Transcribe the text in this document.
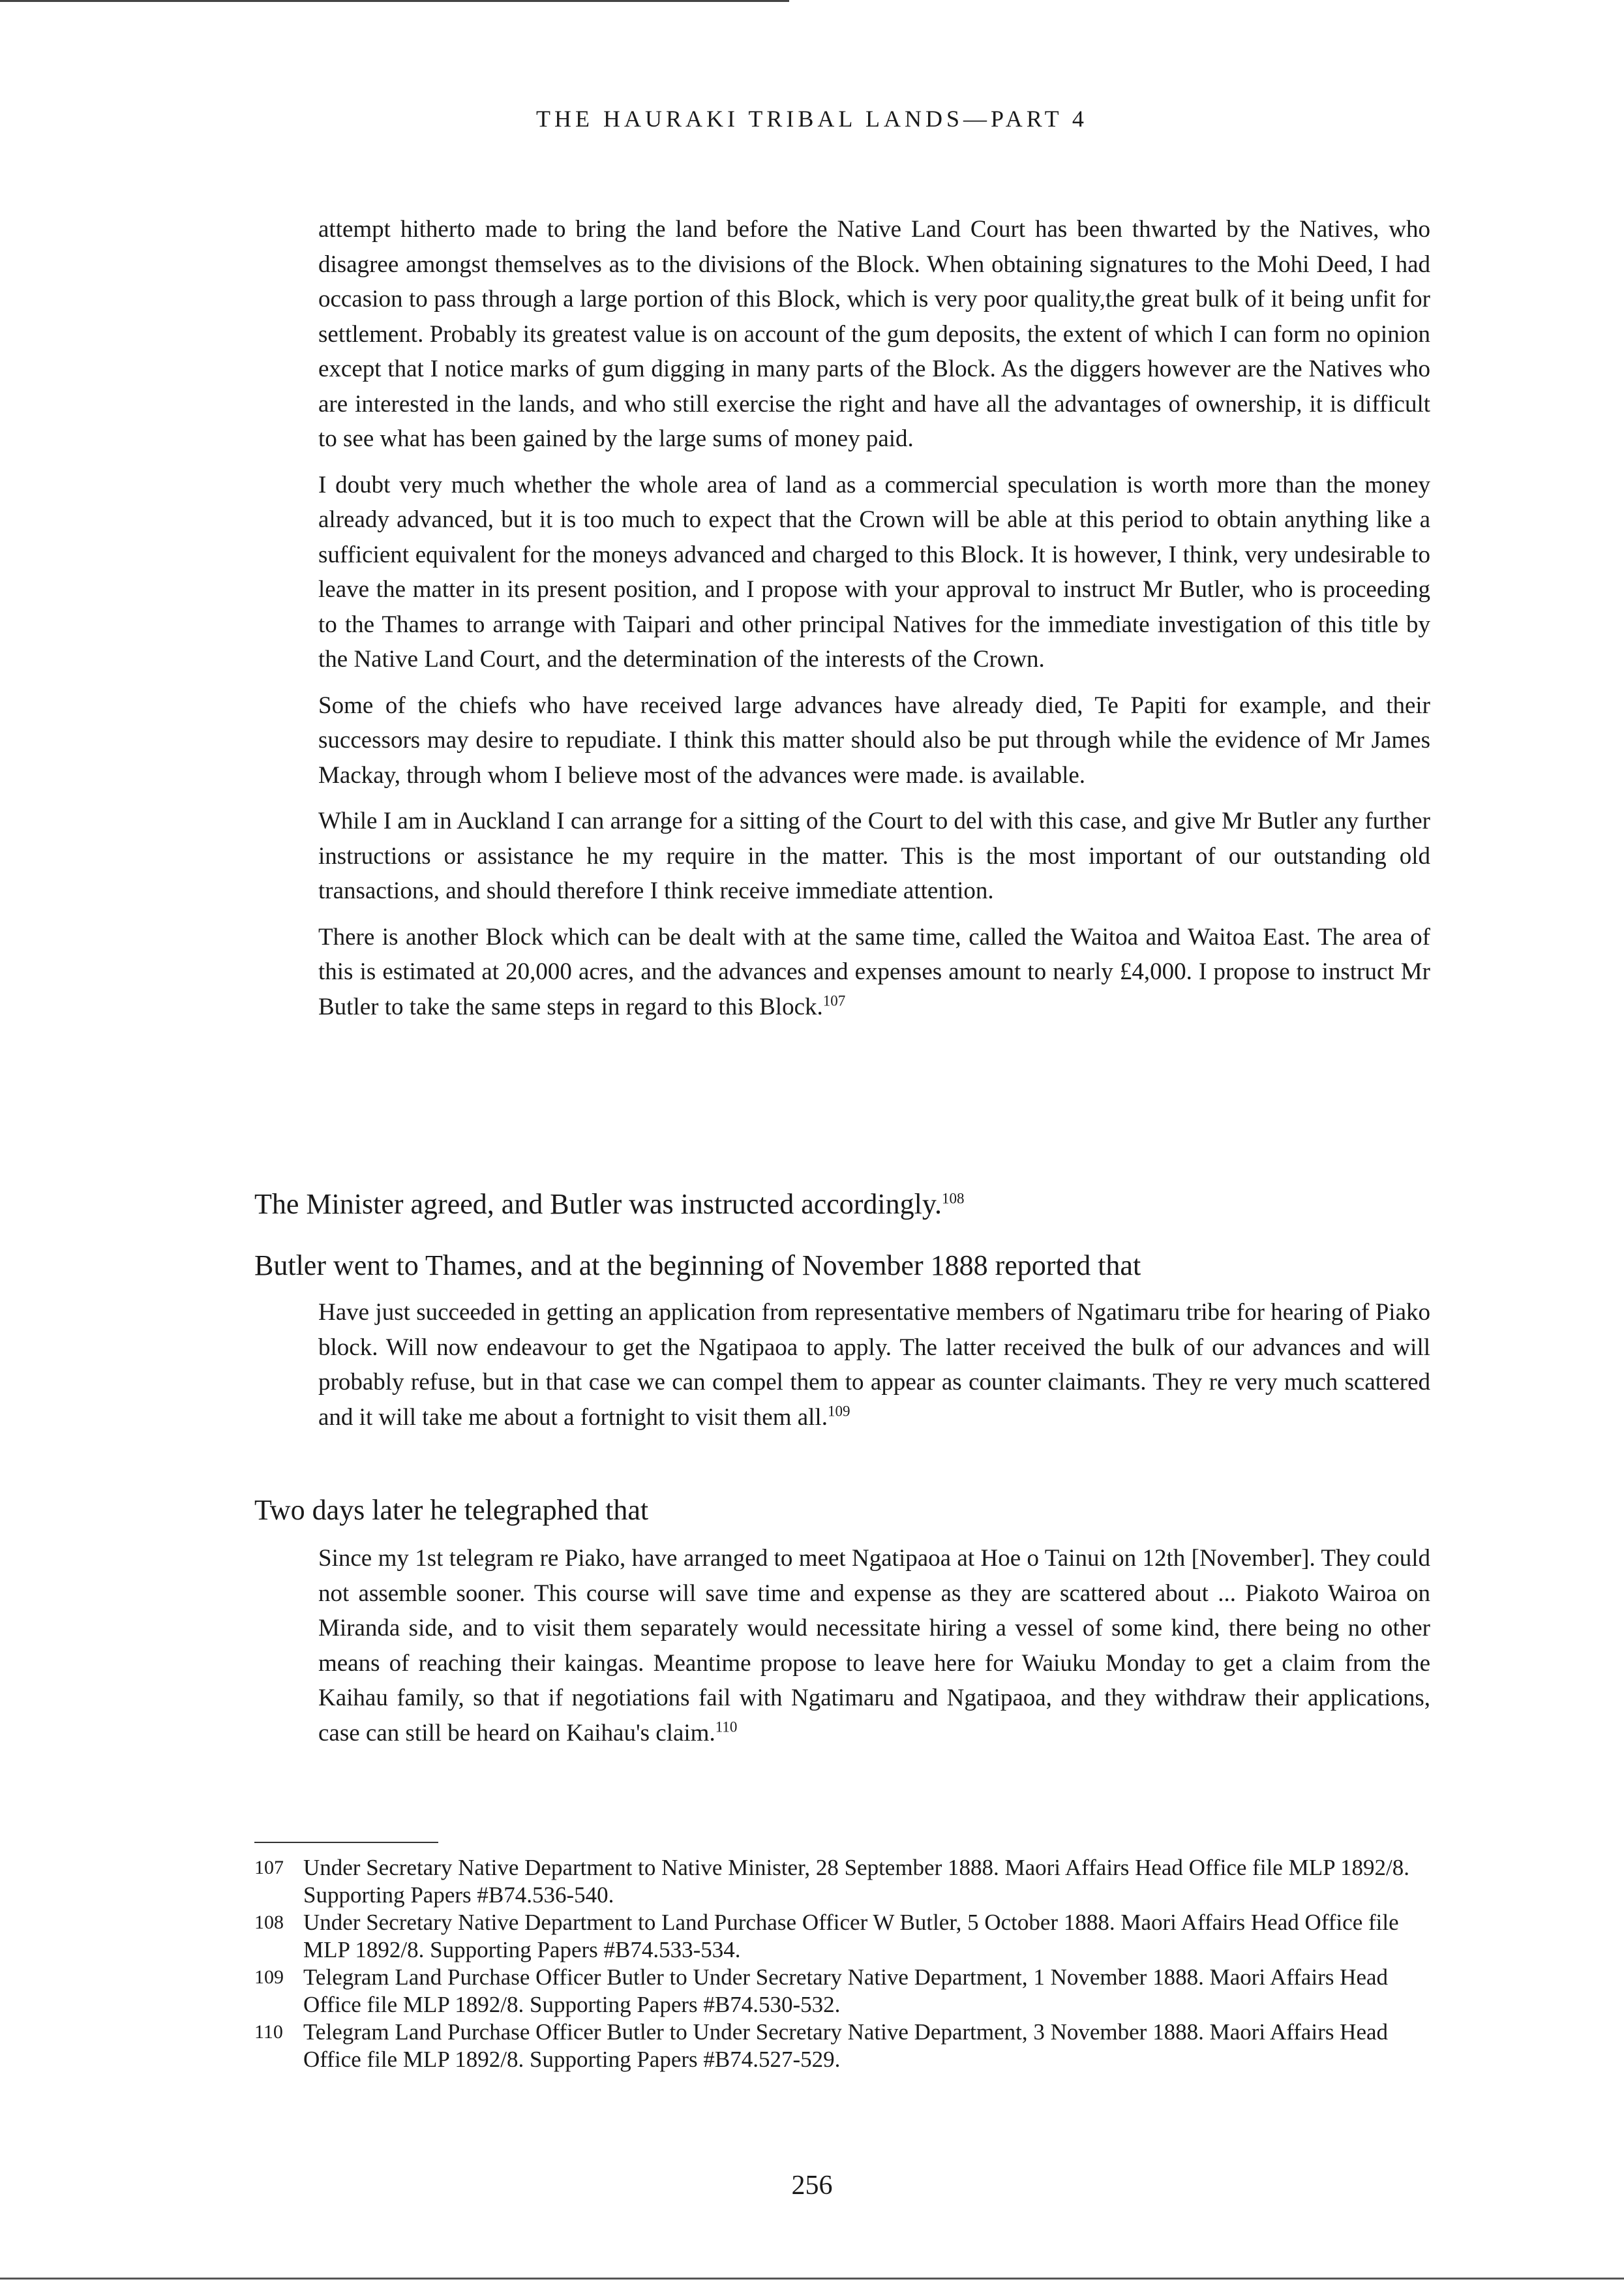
THE HAURAKI TRIBAL LANDS—PART 4

attempt hitherto made to bring the land before the Native Land Court has been thwarted by the Natives, who disagree amongst themselves as to the divisions of the Block. When obtaining signatures to the Mohi Deed, I had occasion to pass through a large portion of this Block, which is very poor quality,the great bulk of it being unfit for settlement. Probably its greatest value is on account of the gum deposits, the extent of which I can form no opinion except that I notice marks of gum digging in many parts of the Block. As the diggers however are the Natives who are interested in the lands, and who still exercise the right and have all the advantages of ownership, it is difficult to see what has been gained by the large sums of money paid.

I doubt very much whether the whole area of land as a commercial speculation is worth more than the money already advanced, but it is too much to expect that the Crown will be able at this period to obtain anything like a sufficient equivalent for the moneys advanced and charged to this Block. It is however, I think, very undesirable to leave the matter in its present position, and I propose with your approval to instruct Mr Butler, who is proceeding to the Thames to arrange with Taipari and other principal Natives for the immediate investigation of this title by the Native Land Court, and the determination of the interests of the Crown.

Some of the chiefs who have received large advances have already died, Te Papiti for example, and their successors may desire to repudiate. I think this matter should also be put through while the evidence of Mr James Mackay, through whom I believe most of the advances were made. is available.

While I am in Auckland I can arrange for a sitting of the Court to del with this case, and give Mr Butler any further instructions or assistance he my require in the matter. This is the most important of our outstanding old transactions, and should therefore I think receive immediate attention.

There is another Block which can be dealt with at the same time, called the Waitoa and Waitoa East. The area of this is estimated at 20,000 acres, and the advances and expenses amount to nearly £4,000. I propose to instruct Mr Butler to take the same steps in regard to this Block.$^{107}$

The Minister agreed, and Butler was instructed accordingly.$^{108}$
Butler went to Thames, and at the beginning of November 1888 reported that

Have just succeeded in getting an application from representative members of Ngatimaru tribe for hearing of Piako block. Will now endeavour to get the Ngatipaoa to apply. The latter received the bulk of our advances and will probably refuse, but in that case we can compel them to appear as counter claimants. They re very much scattered and it will take me about a fortnight to visit them all.$^{109}$

Two days later he telegraphed that

Since my 1st telegram re Piako, have arranged to meet Ngatipaoa at Hoe o Tainui on 12th [November]. They could not assemble sooner. This course will save time and expense as they are scattered about ... Piakoto Wairoa on Miranda side, and to visit them separately would necessitate hiring a vessel of some kind, there being no other means of reaching their kaingas. Meantime propose to leave here for Waiuku Monday to get a claim from the Kaihau family, so that if negotiations fail with Ngatimaru and Ngatipaoa, and they withdraw their applications, case can still be heard on Kaihau's claim.$^{110}$

107 Under Secretary Native Department to Native Minister, 28 September 1888. Maori Affairs Head Office file MLP 1892/8. Supporting Papers #B74.536-540.

108 Under Secretary Native Department to Land Purchase Officer W Butler, 5 October 1888. Maori Affairs Head Office file MLP 1892/8. Supporting Papers #B74.533-534.

109 Telegram Land Purchase Officer Butler to Under Secretary Native Department, 1 November 1888. Maori Affairs Head Office file MLP 1892/8. Supporting Papers #B74.530-532.

110 Telegram Land Purchase Officer Butler to Under Secretary Native Department, 3 November 1888. Maori Affairs Head Office file MLP 1892/8. Supporting Papers #B74.527-529.

256
